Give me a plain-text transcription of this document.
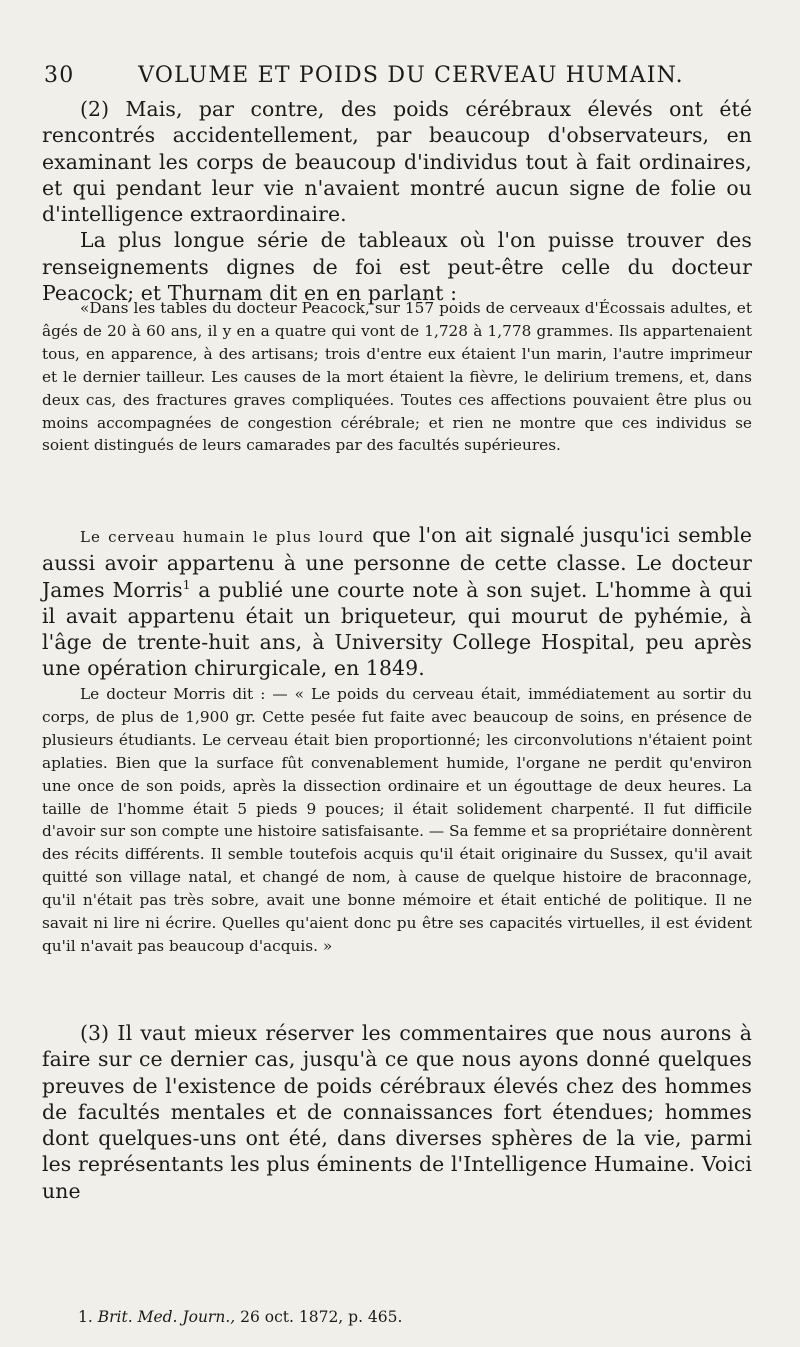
30	VOLUME ET POIDS DU CERVEAU HUMAIN.

(2) Mais, par contre, des poids cérébraux élevés ont été rencontrés accidentellement, par beaucoup d'observateurs, en examinant les corps de beaucoup d'individus tout à fait ordinaires, et qui pendant leur vie n'avaient montré aucun signe de folie ou d'intelligence extraordinaire.

La plus longue série de tableaux où l'on puisse trouver des renseignements dignes de foi est peut-être celle du docteur Peacock; et Thurnam dit en en parlant :

«Dans les tables du docteur Peacock, sur 157 poids de cerveaux d'Écossais adultes, et âgés de 20 à 60 ans, il y en a quatre qui vont de 1,728 à 1,778 grammes. Ils appartenaient tous, en apparence, à des artisans; trois d'entre eux étaient l'un marin, l'autre imprimeur et le dernier tailleur. Les causes de la mort étaient la fièvre, le delirium tremens, et, dans deux cas, des fractures graves compliquées. Toutes ces affections pouvaient être plus ou moins accompagnées de congestion cérébrale; et rien ne montre que ces individus se soient distingués de leurs camarades par des facultés supérieures.

Le cerveau humain le plus lourd que l'on ait signalé jusqu'ici semble aussi avoir appartenu à une personne de cette classe. Le docteur James Morris$^1$ a publié une courte note à son sujet. L'homme à qui il avait appartenu était un briqueteur, qui mourut de pyhémie, à l'âge de trente-huit ans, à University College Hospital, peu après une opération chirurgicale, en 1849.

Le docteur Morris dit : — « Le poids du cerveau était, immédiatement au sortir du corps, de plus de 1,900 gr. Cette pesée fut faite avec beaucoup de soins, en présence de plusieurs étudiants. Le cerveau était bien proportionné; les circonvolutions n'étaient point aplaties. Bien que la surface fût convenablement humide, l'organe ne perdit qu'environ une once de son poids, après la dissection ordinaire et un égouttage de deux heures. La taille de l'homme était 5 pieds 9 pouces; il était solidement charpenté. Il fut difficile d'avoir sur son compte une histoire satisfaisante. — Sa femme et sa propriétaire donnèrent des récits différents. Il semble toutefois acquis qu'il était originaire du Sussex, qu'il avait quitté son village natal, et changé de nom, à cause de quelque histoire de braconnage, qu'il n'était pas très sobre, avait une bonne mémoire et était entiché de politique. Il ne savait ni lire ni écrire. Quelles qu'aient donc pu être ses capacités virtuelles, il est évident qu'il n'avait pas beaucoup d'acquis. »

(3) Il vaut mieux réserver les commentaires que nous aurons à faire sur ce dernier cas, jusqu'à ce que nous ayons donné quelques preuves de l'existence de poids cérébraux élevés chez des hommes de facultés mentales et de connaissances fort étendues; hommes dont quelques-uns ont été, dans diverses sphères de la vie, parmi les représentants les plus éminents de l'Intelligence Humaine. Voici une

1. Brit. Med. Journ., 26 oct. 1872, p. 465.
